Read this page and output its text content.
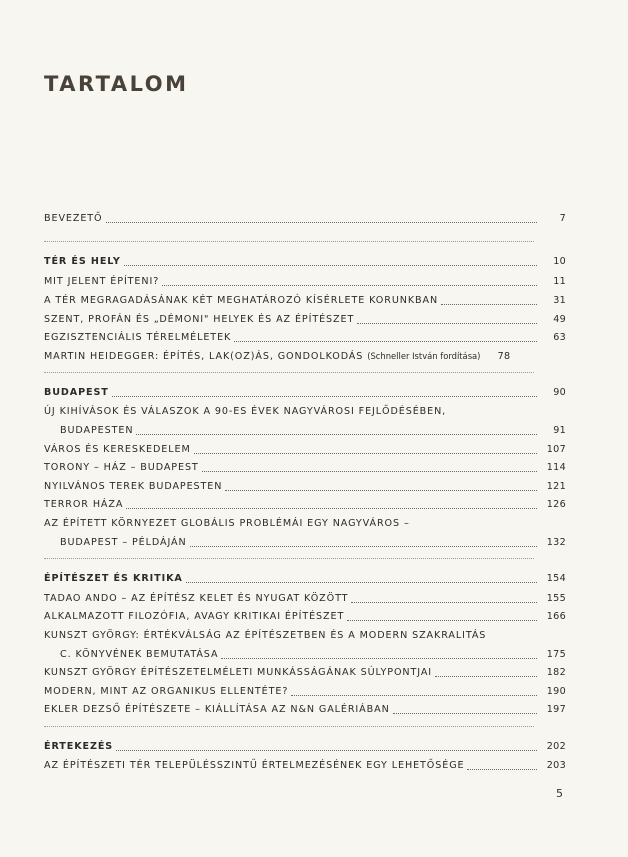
TARTALOM
BEVEZETŐ	7
TÉR ÉS HELY	10
MIT JELENT ÉPÍTENI?	11
A TÉR MEGRAGADÁSÁNAK KÉT MEGHATÁROZÓ KÍSÉRLETE KORUNKBAN	31
SZENT, PROFÁN ÉS „DÉMONI" HELYEK ÉS AZ ÉPÍTÉSZET	49
EGZISZTENCIÁLIS TÉRELMÉLETEK	63
MARTIN HEIDEGGER: ÉPÍTÉS, LAK(OZ)ÁS, GONDOLKODÁS (Schneller István fordítása)	78
BUDAPEST	90
ÚJ KIHÍVÁSOK ÉS VÁLASZOK A 90-ES ÉVEK NAGYVÁROSI FEJLŐDÉSÉBEN,
BUDAPESTEN	91
VÁROS ÉS KERESKEDELEM	107
TORONY – HÁZ – BUDAPEST	114
NYILVÁNOS TEREK BUDAPESTEN	121
TERROR HÁZA	126
AZ ÉPÍTETT KÖRNYEZET GLOBÁLIS PROBLÉMÁI EGY NAGYVÁROS –
BUDAPEST – PÉLDÁJÁN	132
ÉPÍTÉSZET ÉS KRITIKA	154
TADAO ANDO – AZ ÉPÍTÉSZ KELET ÉS NYUGAT KÖZÖTT	155
ALKALMAZOTT FILOZÓFIA, AVAGY KRITIKAI ÉPÍTÉSZET	166
KUNSZT GYÖRGY: ÉRTÉKVÁLSÁG AZ ÉPÍTÉSZETBEN ÉS A MODERN SZAKRALITÁS
C. KÖNYVÉNEK BEMUTATÁSA	175
KUNSZT GYÖRGY ÉPÍTÉSZETELMÉLETI MUNKÁSSÁGÁNAK SÚLYPONTJAI	182
MODERN, MINT AZ ORGANIKUS ELLENTÉTE?	190
EKLER DEZSŐ ÉPÍTÉSZETE – KIÁLLÍTÁSA AZ N&N GALÉRIÁBAN	197
ÉRTEKEZÉS	202
AZ ÉPÍTÉSZETI TÉR TELEPÜLÉSSZINTŰ ÉRTELMEZÉSÉNEK EGY LEHETŐSÉGE	203
5
